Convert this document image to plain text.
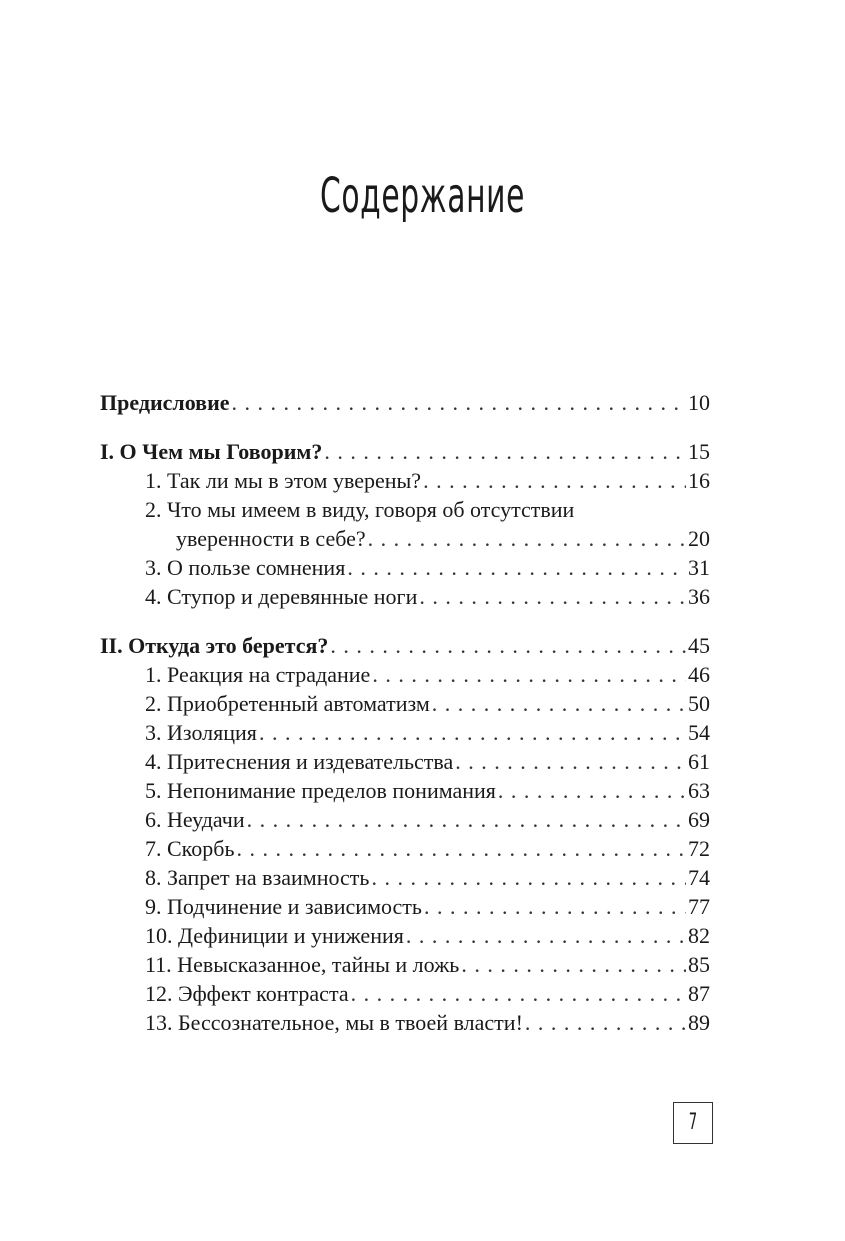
Содержание
Предисловие . . .	10
I. О Чем мы Говорим? . . .	15
1. Так ли мы в этом уверены? . . .	16
2. Что мы имеем в виду, говоря об отсутствии
уверенности в себе? . . .	20
3. О пользе сомнения . . .	31
4. Ступор и деревянные ноги . . .	36
II. Откуда это берется? . . .	45
1. Реакция на страдание . . .	46
2. Приобретенный автоматизм . . .	50
3. Изоляция . . .	54
4. Притеснения и издевательства . . .	61
5. Непонимание пределов понимания . . .	63
6. Неудачи . . .	69
7. Скорбь . . .	72
8. Запрет на взаимность . . .	74
9. Подчинение и зависимость . . .	77
10. Дефиниции и унижения . . .	82
11. Невысказанное, тайны и ложь . . .	85
12. Эффект контраста . . .	87
13. Бессознательное, мы в твоей власти! . . .	89
7
